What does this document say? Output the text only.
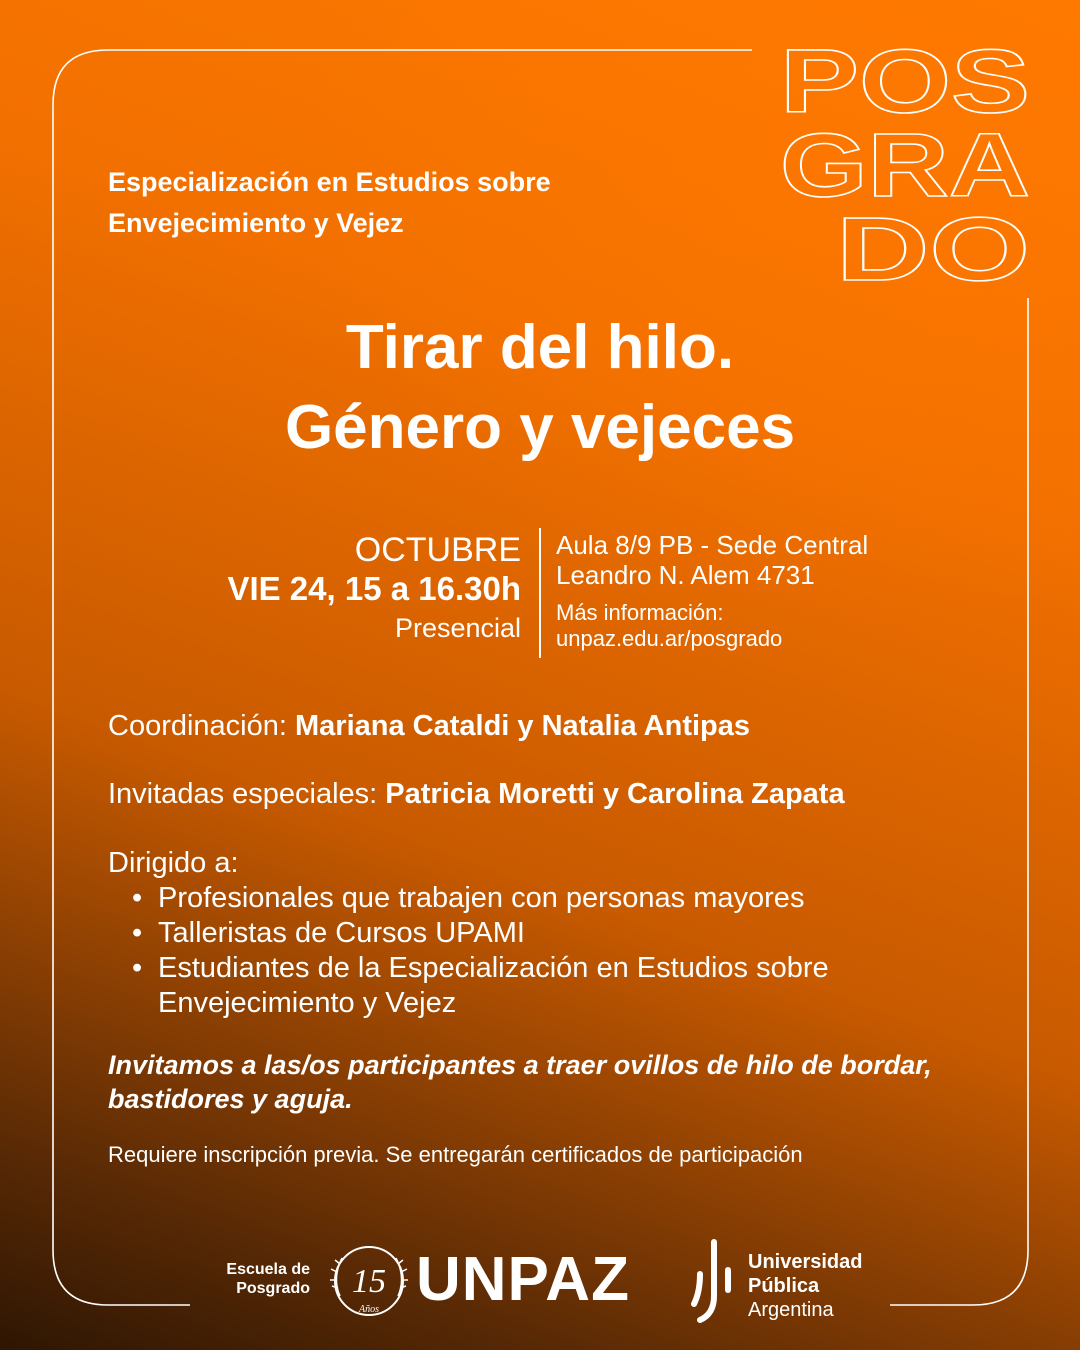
POS
GRA
DO
Especialización en Estudios sobre
Envejecimiento y Vejez
Tirar del hilo.
Género y vejeces
OCTUBRE
VIE 24, 15 a 16.30h
Presencial
Aula 8/9 PB - Sede Central
Leandro N. Alem 4731
Más información:
unpaz.edu.ar/posgrado
Coordinación: Mariana Cataldi y Natalia Antipas
Invitadas especiales: Patricia Moretti y Carolina Zapata
Dirigido a:
• Profesionales que trabajen con personas mayores
• Talleristas de Cursos UPAMI
• Estudiantes de la Especialización en Estudios sobre Envejecimiento y Vejez
Invitamos a las/os participantes a traer ovillos de hilo de bordar, bastidores y aguja.
Requiere inscripción previa. Se entregarán certificados de participación
Escuela de
Posgrado 15
Años UNPAZ	Universidad
Pública
Argentina
